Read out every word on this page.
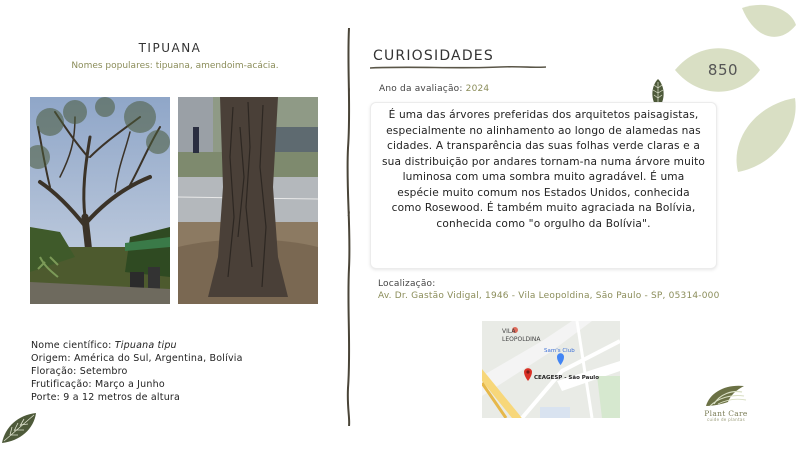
850
TIPUANA
Nomes populares: tipuana, amendoim-acácia.
Nome científico: Tipuana tipu
Origem: América do Sul, Argentina, Bolívia
Floração: Setembro
Frutificação: Março a Junho
Porte: 9 a 12 metros de altura
CURIOSIDADES
Ano da avaliação: 2024
É uma das árvores preferidas dos arquitetos paisagistas, especialmente no alinhamento ao longo de alamedas nas cidades. A transparência das suas folhas verde claras e a sua distribuição por andares tornam-na numa árvore muito luminosa com uma sombra muito agradável. É uma espécie muito comum nos Estados Unidos, conhecida como Rosewood. É também muito agraciada na Bolívia, conhecida como "o orgulho da Bolívia".
Localização:
Av. Dr. Gastão Vidigal, 1946 - Vila Leopoldina, São Paulo - SP, 05314-000
VILA
LEOPOLDINA
Sam's Club
CEAGESP - São Paulo
Plant Care
cuide de plantas
